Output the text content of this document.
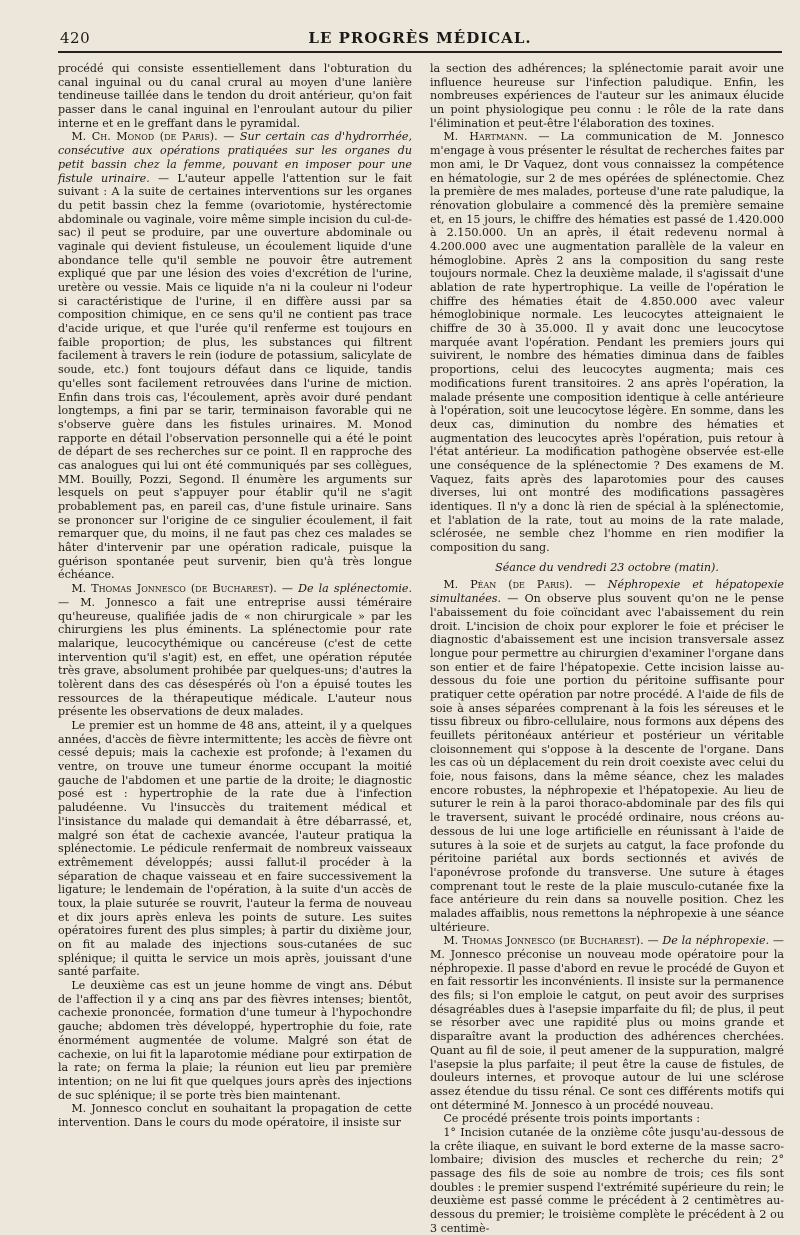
420	LE PROGRÈS MÉDICAL.

procédé qui consiste essentiellement dans l'obturation du canal inguinal ou du canal crural au moyen d'une lanière tendineuse taillée dans le tendon du droit antérieur, qu'on fait passer dans le canal inguinal en l'enroulant autour du pilier interne et en le greffant dans le pyramidal.

M. Ch. Monod (de Paris). — Sur certain cas d'hydrorrhée, consécutive aux opérations pratiquées sur les organes du petit bassin chez la femme, pouvant en imposer pour une fistule urinaire. — L'auteur appelle l'attention sur le fait suivant : A la suite de certaines interventions sur les organes du petit bassin chez la femme (ovariotomie, hystérectomie abdominale ou vaginale, voire même simple incision du cul-de-sac) il peut se produire, par une ouverture abdominale ou vaginale qui devient fistuleuse, un écoulement liquide d'une abondance telle qu'il semble ne pouvoir être autrement expliqué que par une lésion des voies d'excrétion de l'urine, uretère ou vessie. Mais ce liquide n'a ni la couleur ni l'odeur si caractéristique de l'urine, il en diffère aussi par sa composition chimique, en ce sens qu'il ne contient pas trace d'acide urique, et que l'urée qu'il renferme est toujours en faible proportion; de plus, les substances qui filtrent facilement à travers le rein (iodure de potassium, salicylate de soude, etc.) font toujours défaut dans ce liquide, tandis qu'elles sont facilement retrouvées dans l'urine de miction. Enfin dans trois cas, l'écoulement, après avoir duré pendant longtemps, a fini par se tarir, terminaison favorable qui ne s'observe guère dans les fistules urinaires. M. Monod rapporte en détail l'observation personnelle qui a été le point de départ de ses recherches sur ce point. Il en rapproche des cas analogues qui lui ont été communiqués par ses collègues, MM. Bouilly, Pozzi, Segond. Il énumère les arguments sur lesquels on peut s'appuyer pour établir qu'il ne s'agit probablement pas, en pareil cas, d'une fistule urinaire. Sans se prononcer sur l'origine de ce singulier écoulement, il fait remarquer que, du moins, il ne faut pas chez ces malades se hâter d'intervenir par une opération radicale, puisque la guérison spontanée peut survenir, bien qu'à très longue échéance.

M. Thomas Jonnesco (de Bucharest). — De la splénectomie. — M. Jonnesco a fait une entreprise aussi téméraire qu'heureuse, qualifiée jadis de « non chirurgicale » par les chirurgiens les plus éminents. La splénectomie pour rate malarique, leucocythémique ou cancéreuse (c'est de cette intervention qu'il s'agit) est, en effet, une opération réputée très grave, absolument prohibée par quelques-uns; d'autres la tolèrent dans des cas désespérés où l'on a épuisé toutes les ressources de la thérapeutique médicale. L'auteur nous présente les observations de deux malades.

Le premier est un homme de 48 ans, atteint, il y a quelques années, d'accès de fièvre intermittente; les accès de fièvre ont cessé depuis; mais la cachexie est profonde; à l'examen du ventre, on trouve une tumeur énorme occupant la moitié gauche de l'abdomen et une partie de la droite; le diagnostic posé est : hypertrophie de la rate due à l'infection paludéenne. Vu l'insuccès du traitement médical et l'insistance du malade qui demandait à être débarrassé, et, malgré son état de cachexie avancée, l'auteur pratiqua la splénectomie. Le pédicule renfermait de nombreux vaisseaux extrêmement développés; aussi fallut-il procéder à la séparation de chaque vaisseau et en faire successivement la ligature; le lendemain de l'opération, à la suite d'un accès de toux, la plaie suturée se rouvrit, l'auteur la ferma de nouveau et dix jours après enleva les points de suture. Les suites opératoires furent des plus simples; à partir du dixième jour, on fit au malade des injections sous-cutanées de suc splénique; il quitta le service un mois après, jouissant d'une santé parfaite.

Le deuxième cas est un jeune homme de vingt ans. Début de l'affection il y a cinq ans par des fièvres intenses; bientôt, cachexie prononcée, formation d'une tumeur à l'hypochondre gauche; abdomen très développé, hypertrophie du foie, rate énormément augmentée de volume. Malgré son état de cachexie, on lui fit la laparotomie médiane pour extirpation de la rate; on ferma la plaie; la réunion eut lieu par première intention; on ne lui fit que quelques jours après des injections de suc splénique; il se porte très bien maintenant.

M. Jonnesco conclut en souhaitant la propagation de cette intervention. Dans le cours du mode opératoire, il insiste sur

la section des adhérences; la splénectomie parait avoir une influence heureuse sur l'infection paludique. Enfin, les nombreuses expériences de l'auteur sur les animaux élucide un point physiologique peu connu : le rôle de la rate dans l'élimination et peut-être l'élaboration des toxines.

M. Hartmann. — La communication de M. Jonnesco m'engage à vous présenter le résultat de recherches faites par mon ami, le Dr Vaquez, dont vous connaissez la compétence en hématologie, sur 2 de mes opérées de splénectomie. Chez la première de mes malades, porteuse d'une rate paludique, la rénovation globulaire a commencé dès la première semaine et, en 15 jours, le chiffre des hématies est passé de 1.420.000 à 2.150.000. Un an après, il était redevenu normal à 4.200.000 avec une augmentation parallèle de la valeur en hémoglobine. Après 2 ans la composition du sang reste toujours normale. Chez la deuxième malade, il s'agissait d'une ablation de rate hypertrophique. La veille de l'opération le chiffre des hématies était de 4.850.000 avec valeur hémoglobinique normale. Les leucocytes atteignaient le chiffre de 30 à 35.000. Il y avait donc une leucocytose marquée avant l'opération. Pendant les premiers jours qui suivirent, le nombre des hématies diminua dans de faibles proportions, celui des leucocytes augmenta; mais ces modifications furent transitoires. 2 ans après l'opération, la malade présente une composition identique à celle antérieure à l'opération, soit une leucocytose légère. En somme, dans les deux cas, diminution du nombre des hématies et augmentation des leucocytes après l'opération, puis retour à l'état antérieur. La modification pathogène observée est-elle une conséquence de la splénectomie ? Des examens de M. Vaquez, faits après des laparotomies pour des causes diverses, lui ont montré des modifications passagères identiques. Il n'y a donc là rien de spécial à la splénectomie, et l'ablation de la rate, tout au moins de la rate malade, sclérosée, ne semble chez l'homme en rien modifier la composition du sang.

Séance du vendredi 23 octobre (matin).

M. Péan (de Paris). — Néphropexie et hépatopexie simultanées. — On observe plus souvent qu'on ne le pense l'abaissement du foie coïncidant avec l'abaissement du rein droit. L'incision de choix pour explorer le foie et préciser le diagnostic d'abaissement est une incision transversale assez longue pour permettre au chirurgien d'examiner l'organe dans son entier et de faire l'hépatopexie. Cette incision laisse au-dessous du foie une portion du péritoine suffisante pour pratiquer cette opération par notre procédé. A l'aide de fils de soie à anses séparées comprenant à la fois les séreuses et le tissu fibreux ou fibro-cellulaire, nous formons aux dépens des feuillets péritonéaux antérieur et postérieur un véritable cloisonnement qui s'oppose à la descente de l'organe. Dans les cas où un déplacement du rein droit coexiste avec celui du foie, nous faisons, dans la même séance, chez les malades encore robustes, la néphropexie et l'hépatopexie. Au lieu de suturer le rein à la paroi thoraco-abdominale par des fils qui le traversent, suivant le procédé ordinaire, nous créons au-dessous de lui une loge artificielle en réunissant à l'aide de sutures à la soie et de surjets au catgut, la face profonde du péritoine pariétal aux bords sectionnés et avivés de l'aponévrose profonde du transverse. Une suture à étages comprenant tout le reste de la plaie musculo-cutanée fixe la face antérieure du rein dans sa nouvelle position. Chez les malades affaiblis, nous remettons la néphropexie à une séance ultérieure.

M. Thomas Jonnesco (de Bucharest). — De la néphropexie. — M. Jonnesco préconise un nouveau mode opératoire pour la néphropexie. Il passe d'abord en revue le procédé de Guyon et en fait ressortir les inconvénients. Il insiste sur la permanence des fils; si l'on emploie le catgut, on peut avoir des surprises désagréables dues à l'asepsie imparfaite du fil; de plus, il peut se résorber avec une rapidité plus ou moins grande et disparaître avant la production des adhérences cherchées. Quant au fil de soie, il peut amener de la suppuration, malgré l'asepsie la plus parfaite; il peut être la cause de fistules, de douleurs internes, et provoque autour de lui une sclérose assez étendue du tissu rénal. Ce sont ces différents motifs qui ont déterminé M. Jonnesco à un procédé nouveau.

Ce procédé présente trois points importants :

1° Incision cutanée de la onzième côte jusqu'au-dessous de la crête iliaque, en suivant le bord externe de la masse sacro-lombaire; division des muscles et recherche du rein; 2° passage des fils de soie au nombre de trois; ces fils sont doubles : le premier suspend l'extrémité supérieure du rein; le deuxième est passé comme le précédent à 2 centimètres au-dessous du premier; le troisième complète le précédent à 2 ou 3 centimè-
